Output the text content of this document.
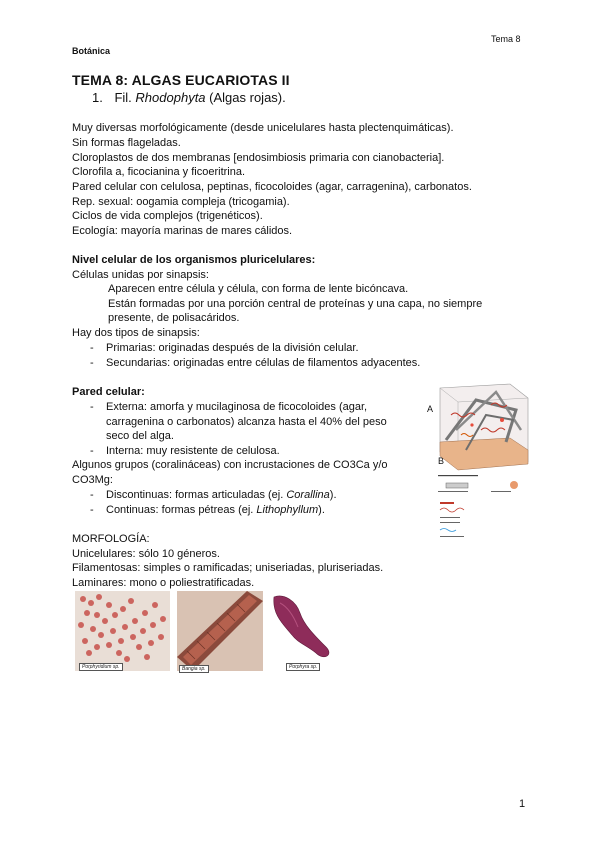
Tema 8
Botánica
TEMA 8: ALGAS EUCARIOTAS II
1. Fil. Rhodophyta (Algas rojas).
Muy diversas morfológicamente (desde unicelulares hasta plectenquimáticas).
Sin formas flageladas.
Cloroplastos de dos membranas [endosimbiosis primaria con cianobacteria].
Clorofila a, ficocianina y ficoeritrina.
Pared celular con celulosa, peptinas, ficocoloides (agar, carragenina), carbonatos.
Rep. sexual: oogamia compleja (tricogamia).
Ciclos de vida complejos (trigenéticos).
Ecología: mayoría marinas de mares cálidos.
Nivel celular de los organismos pluricelulares:
Células unidas por sinapsis:
Aparecen entre célula y célula, con forma de lente bicóncava.
Están formadas por una porción central de proteínas y una capa, no siempre
presente, de polisacáridos.
Hay dos tipos de sinapsis:
- Primarias: originadas después de la división celular.
- Secundarias: originadas entre células de filamentos adyacentes.
Pared celular:
- Externa: amorfa y mucilaginosa de ficocoloides (agar,
carragenina o carbonatos) alcanza hasta el 40% del peso
seco del alga.
- Interna: muy resistente de celulosa.
Algunos grupos (coralináceas) con incrustaciones de CO3Ca y/o
CO3Mg:
- Discontinuas: formas articuladas (ej. Corallina).
- Continuas: formas pétreas (ej. Lithophyllum).
MORFOLOGÍA:
Unicelulares: sólo 10 géneros.
Filamentosas: simples o ramificadas; uniseriadas, pluriseriadas.
Laminares: mono o poliestratificadas.
A
B
Porphyridium sp.	Bangia sp.	Porphyra sp.
1
